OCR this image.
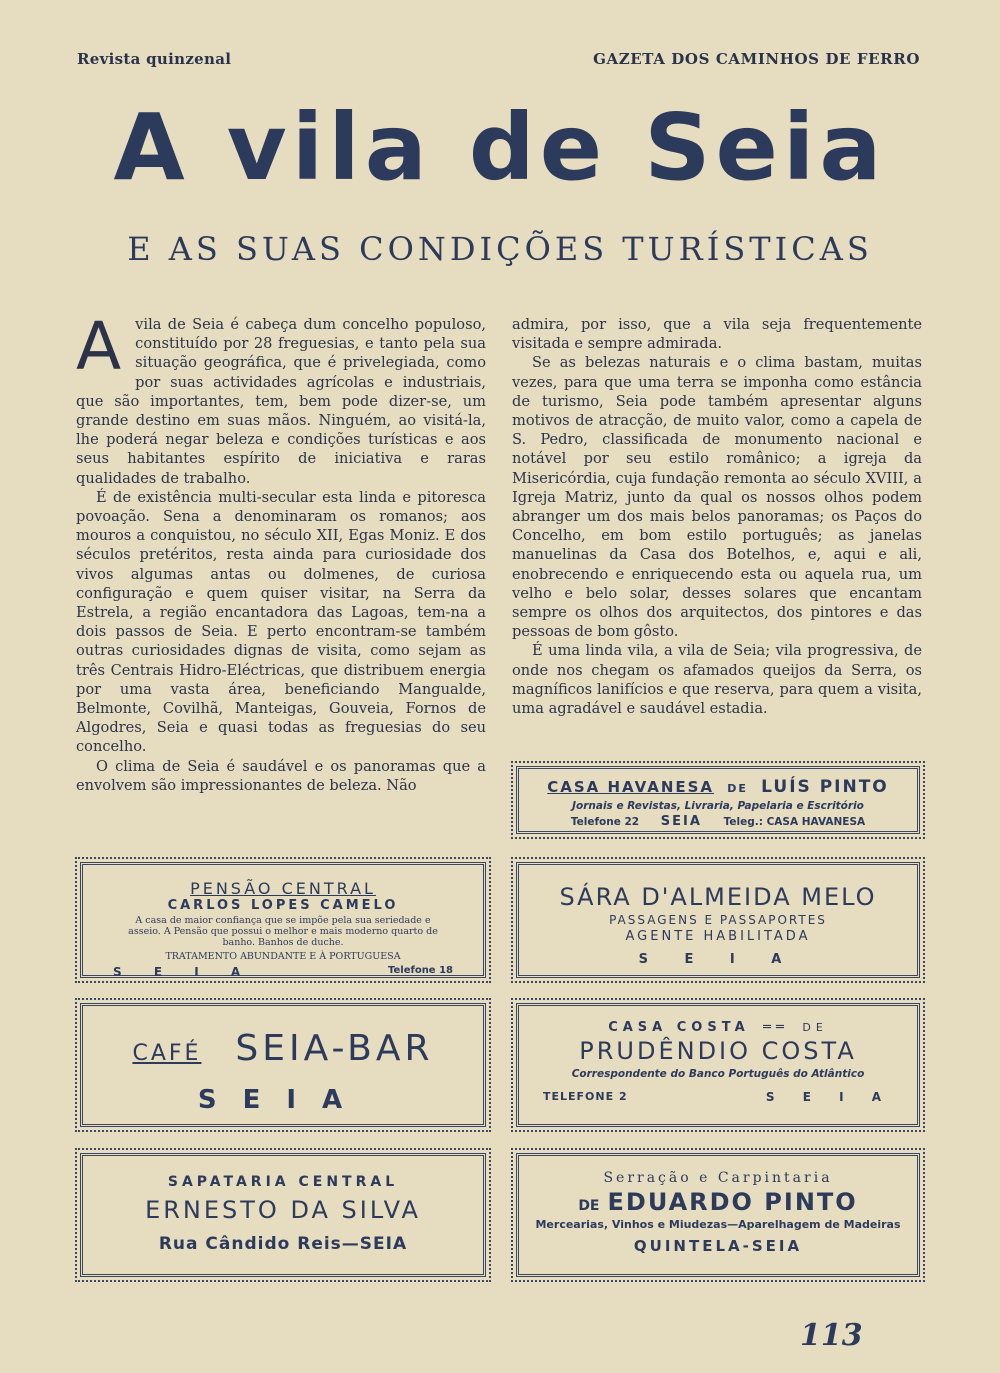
Revista quinzenal	GAZETA DOS CAMINHOS DE FERRO
A vila de Seia
E AS SUAS CONDIÇÕES TURÍSTICAS

Avila de Seia é cabeça dum concelho populoso, constituído por 28 freguesias, e tanto pela sua situação geográfica, que é privelegiada, como por suas actividades agrícolas e industriais, que são importantes, tem, bem pode dizer-se, um grande destino em suas mãos. Ninguém, ao visitá-la, lhe poderá negar beleza e condições turísticas e aos seus habitantes espírito de iniciativa e raras qualidades de trabalho.

É de existência multi-secular esta linda e pitoresca povoação. Sena a denominaram os romanos; aos mouros a conquistou, no século XII, Egas Moniz. E dos séculos pretéritos, resta ainda para curiosidade dos vivos algumas antas ou dolmenes, de curiosa configuração e quem quiser visitar, na Serra da Estrela, a região encantadora das Lagoas, tem-na a dois passos de Seia. E perto encontram-se também outras curiosidades dignas de visita, como sejam as três Centrais Hidro-Eléctricas, que distribuem energia por uma vasta área, beneficiando Mangualde, Belmonte, Covilhã, Manteigas, Gouveia, Fornos de Algodres, Seia e quasi todas as freguesias do seu concelho.

O clima de Seia é saudável e os panoramas que a envolvem são impressionantes de beleza. Não

admira, por isso, que a vila seja frequentemente visitada e sempre admirada.

Se as belezas naturais e o clima bastam, muitas vezes, para que uma terra se imponha como estância de turismo, Seia pode também apresentar alguns motivos de atracção, de muito valor, como a capela de S. Pedro, classificada de monumento nacional e notável por seu estilo românico; a igreja da Misericórdia, cuja fundação remonta ao século XVIII, a Igreja Matriz, junto da qual os nossos olhos podem abranger um dos mais belos panoramas; os Paços do Concelho, em bom estilo português; as janelas manuelinas da Casa dos Botelhos, e, aqui e ali, enobrecendo e enriquecendo esta ou aquela rua, um velho e belo solar, desses solares que encantam sempre os olhos dos arquitectos, dos pintores e das pessoas de bom gôsto.

É uma linda vila, a vila de Seia; vila progressiva, de onde nos chegam os afamados queijos da Serra, os magníficos lanifícios e que reserva, para quem a visita, uma agradável e saudável estadia.

CASA HAVANESA DE LUÍS PINTO
Jornais e Revistas, Livraria, Papelaria e Escritório
Telefone 22 SEIA Teleg.: CASA HAVANESA
PENSÃO CENTRAL
CARLOS LOPES CAMELO
A casa de maior confiança que se impõe pela sua seriedade e asseio. A Pensão que possui o melhor e mais moderno quarto de banho. Banhos de duche.
TRATAMENTO ABUNDANTE E À PORTUGUESA
S E I A	Telefone 18
SÁRA D'ALMEIDA MELO
PASSAGENS E PASSAPORTES
AGENTE HABILITADA
S E I A
CAFÉ SEIA-BAR
SEIA
CASA COSTA ══ DE
PRUDÊNDIO COSTA
Correspondente do Banco Português do Atlântico
TELEFONE 2	S E I A
SAPATARIA CENTRAL
ERNESTO DA SILVA
Rua Cândido Reis—SEIA
Serração e Carpintaria
DE EDUARDO PINTO
Mercearias, Vinhos e Miudezas—Aparelhagem de Madeiras
QUINTELA-SEIA
113
